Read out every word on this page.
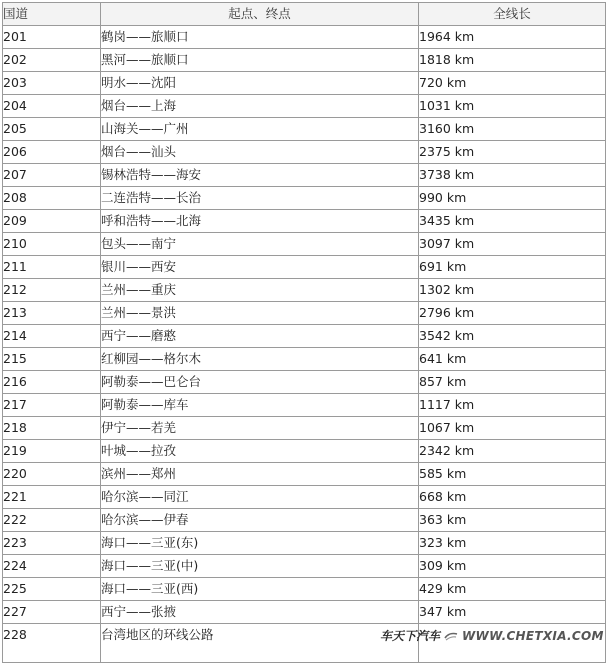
国道	起点、终点	全线长
201	鹤岗——旅顺口	1964 km
202	黑河——旅顺口	1818 km
203	明水——沈阳	720 km
204	烟台——上海	1031 km
205	山海关——广州	3160 km
206	烟台——汕头	2375 km
207	锡林浩特——海安	3738 km
208	二连浩特——长治	990 km
209	呼和浩特——北海	3435 km
210	包头——南宁	3097 km
211	银川——西安	691 km
212	兰州——重庆	1302 km
213	兰州——景洪	2796 km
214	西宁——磨憨	3542 km
215	红柳园——格尔木	641 km
216	阿勒泰——巴仑台	857 km
217	阿勒泰——库车	1117 km
218	伊宁——若羌	1067 km
219	叶城——拉孜	2342 km
220	滨州——郑州	585 km
221	哈尔滨——同江	668 km
222	哈尔滨——伊春	363 km
223	海口——三亚(东)	323 km
224	海口——三亚(中)	309 km
225	海口——三亚(西)	429 km
227	西宁——张掖	347 km
228	台湾地区的环线公路		车天下汽车 WWW.CHETXIA.COM
